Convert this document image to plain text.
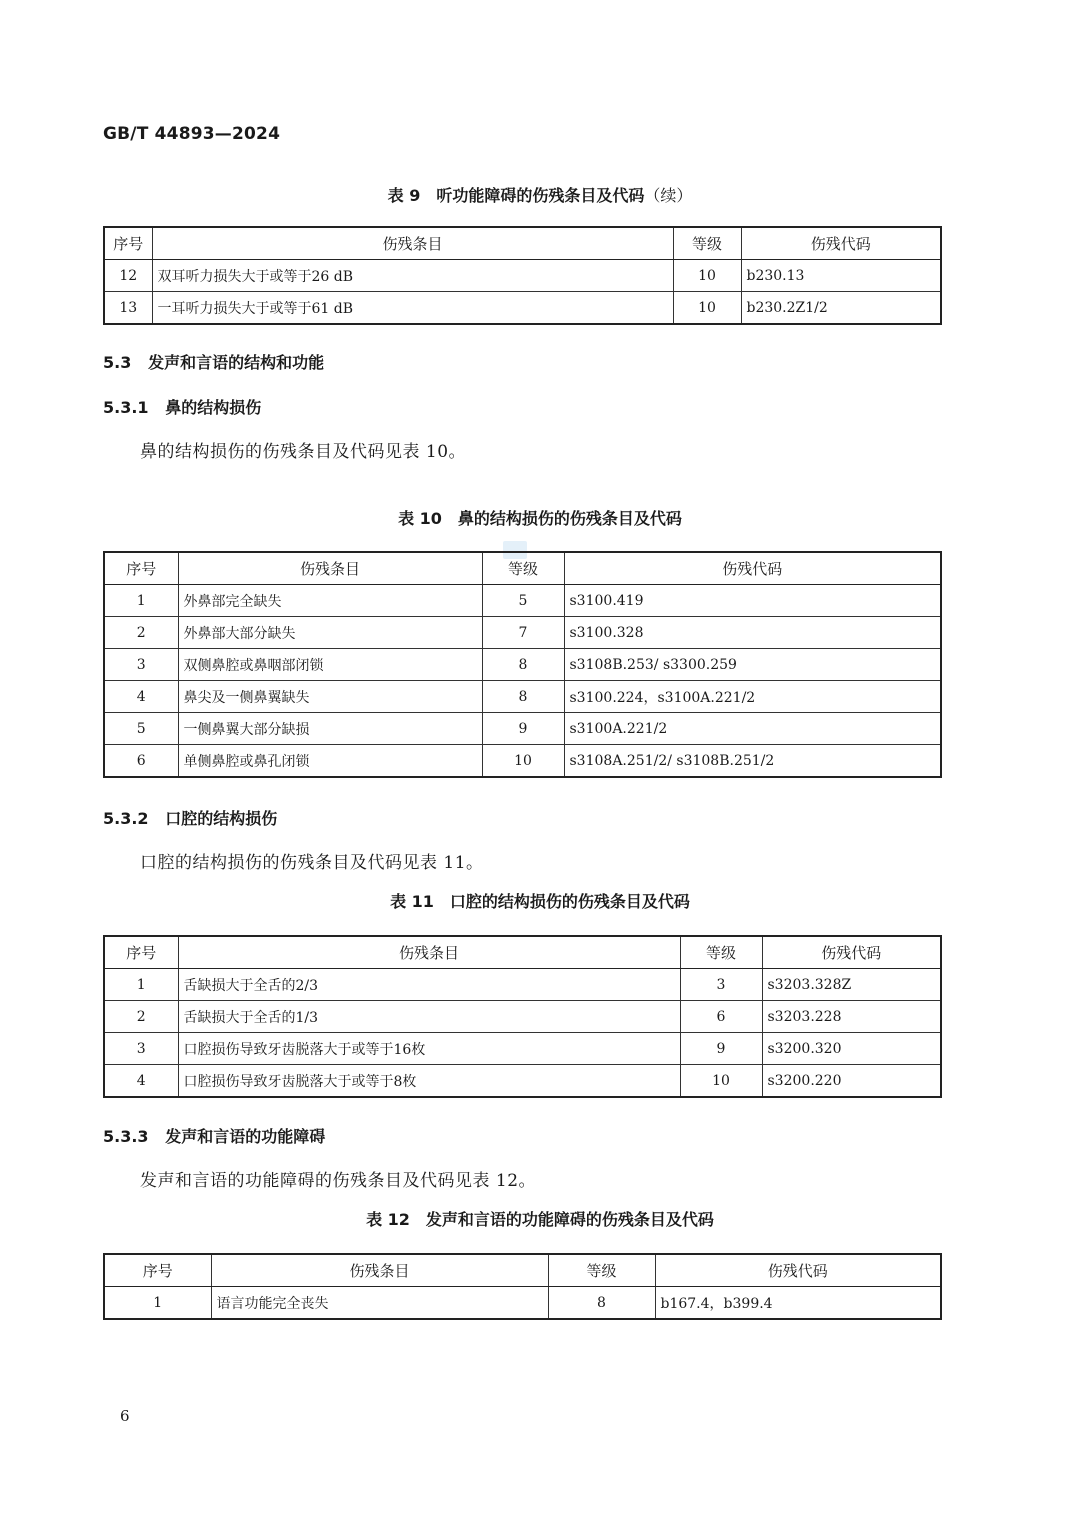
GB/T 44893—2024
表 9　听功能障碍的伤残条目及代码（续）
序号	伤残条目	等级	伤残代码
12	双耳听力损失大于或等于26 dB	10	b230.13
13	一耳听力损失大于或等于61 dB	10	b230.2Z1/2
5.3 发声和言语的结构和功能
5.3.1 鼻的结构损伤
鼻的结构损伤的伤残条目及代码见表 10。
表 10　鼻的结构损伤的伤残条目及代码
序号	伤残条目	等级	伤残代码
1	外鼻部完全缺失	5	s3100.419
2	外鼻部大部分缺失	7	s3100.328
3	双侧鼻腔或鼻咽部闭锁	8	s3108B.253/ s3300.259
4	鼻尖及一侧鼻翼缺失	8	s3100.224，s3100A.221/2
5	一侧鼻翼大部分缺损	9	s3100A.221/2
6	单侧鼻腔或鼻孔闭锁	10	s3108A.251/2/ s3108B.251/2
5.3.2 口腔的结构损伤
口腔的结构损伤的伤残条目及代码见表 11。
表 11　口腔的结构损伤的伤残条目及代码
序号	伤残条目	等级	伤残代码
1	舌缺损大于全舌的2/3	3	s3203.328Z
2	舌缺损大于全舌的1/3	6	s3203.228
3	口腔损伤导致牙齿脱落大于或等于16枚	9	s3200.320
4	口腔损伤导致牙齿脱落大于或等于8枚	10	s3200.220
5.3.3 发声和言语的功能障碍
发声和言语的功能障碍的伤残条目及代码见表 12。
表 12　发声和言语的功能障碍的伤残条目及代码
序号	伤残条目	等级	伤残代码
1	语言功能完全丧失	8	b167.4，b399.4
6
